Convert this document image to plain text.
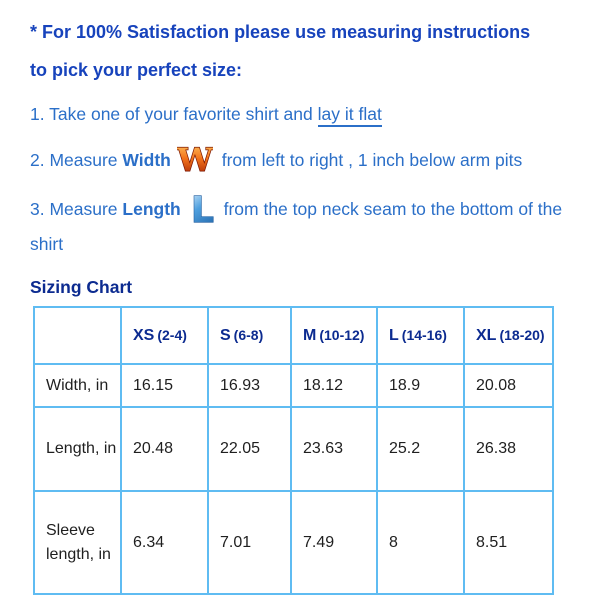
* For 100% Satisfaction please use measuring instructions
to pick your perfect size:
1. Take one of your favorite shirt and lay it flat
2. Measure Width W from left to right , 1 inch below arm pits
3. Measure Length L from the top neck seam to the bottom of the shirt
Sizing Chart
	XS (2-4)	S (6-8)	M (10-12)	L (14-16)	XL (18-20)
Width, in	16.15	16.93	18.12	18.9	20.08
Length, in	20.48	22.05	23.63	25.2	26.38
Sleeve length, in	6.34	7.01	7.49	8	8.51
